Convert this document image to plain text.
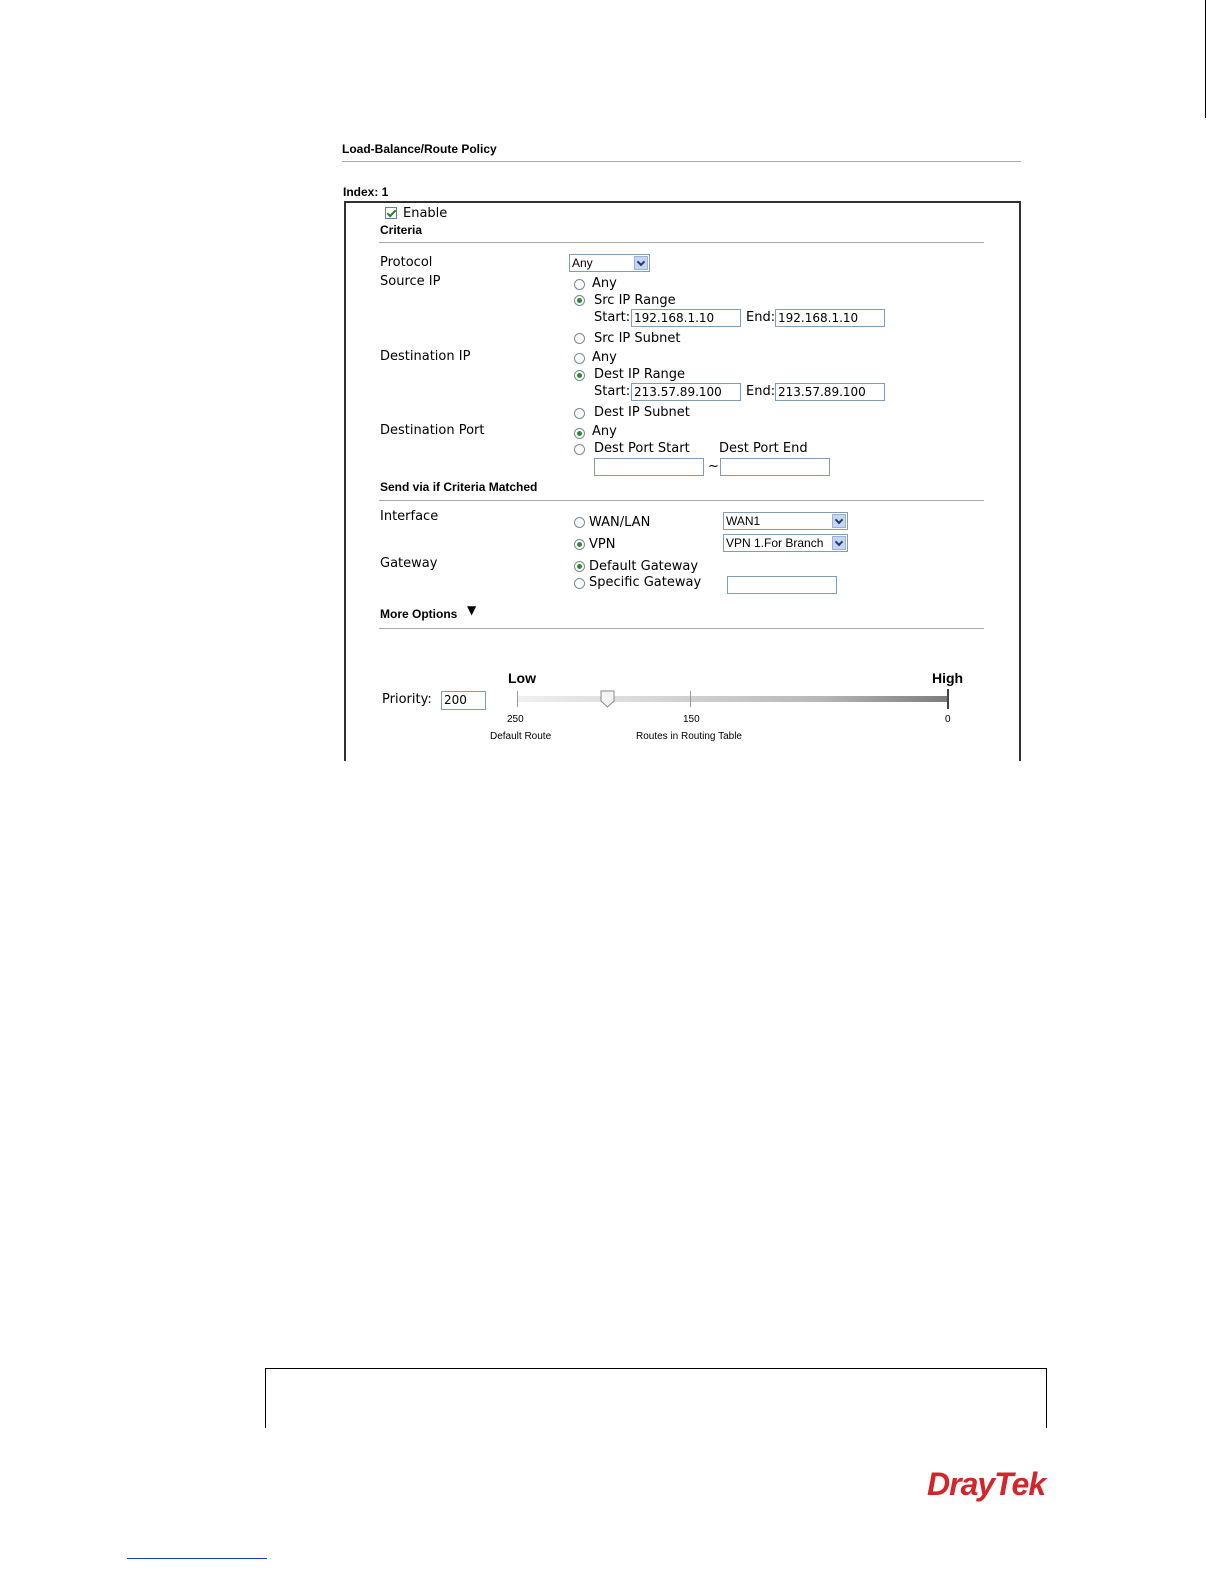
Load-Balance/Route Policy
Index: 1
Enable
Criteria
Protocol	Any
Source IP	Any
Src IP Range
Start: 192.168.1.10	End: 192.168.1.10
Src IP Subnet
Destination IP	Any
Dest IP Range
Start: 213.57.89.100	End: 213.57.89.100
Dest IP Subnet
Destination Port	Any
Dest Port Start Dest Port End
~
Send via if Criteria Matched
Interface	WAN/LAN	WAN1
VPN	VPN 1.For Branch
Gateway	Default Gateway
Specific Gateway
More Options ▼
Low	High
Priority: 200
250	150	0
Default Route	Routes in Routing Table
DrayTek
